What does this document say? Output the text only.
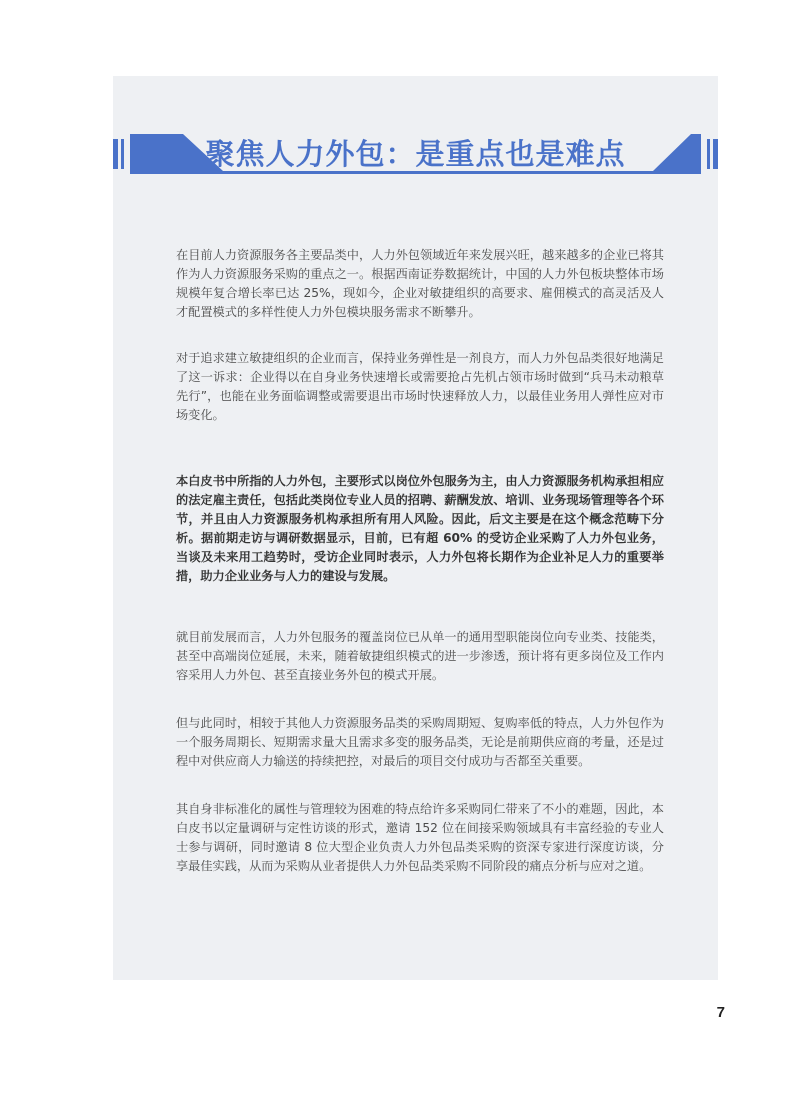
聚焦人力外包：是重点也是难点

在目前人力资源服务各主要品类中，人力外包领域近年来发展兴旺，越来越多的企业已将其作为人力资源服务采购的重点之一。根据西南证券数据统计，中国的人力外包板块整体市场规模年复合增长率已达 25%，现如今，企业对敏捷组织的高要求、雇佣模式的高灵活及人才配置模式的多样性使人力外包模块服务需求不断攀升。

对于追求建立敏捷组织的企业而言，保持业务弹性是一剂良方，而人力外包品类很好地满足了这一诉求：企业得以在自身业务快速增长或需要抢占先机占领市场时做到“兵马未动粮草先行”，也能在业务面临调整或需要退出市场时快速释放人力，以最佳业务用人弹性应对市场变化。

本白皮书中所指的人力外包，主要形式以岗位外包服务为主，由人力资源服务机构承担相应的法定雇主责任，包括此类岗位专业人员的招聘、薪酬发放、培训、业务现场管理等各个环节，并且由人力资源服务机构承担所有用人风险。因此，后文主要是在这个概念范畴下分析。据前期走访与调研数据显示，目前，已有超 60% 的受访企业采购了人力外包业务，当谈及未来用工趋势时，受访企业同时表示，人力外包将长期作为企业补足人力的重要举措，助力企业业务与人力的建设与发展。

就目前发展而言，人力外包服务的覆盖岗位已从单一的通用型职能岗位向专业类、技能类，甚至中高端岗位延展，未来，随着敏捷组织模式的进一步渗透，预计将有更多岗位及工作内容采用人力外包、甚至直接业务外包的模式开展。

但与此同时，相较于其他人力资源服务品类的采购周期短、复购率低的特点，人力外包作为一个服务周期长、短期需求量大且需求多变的服务品类，无论是前期供应商的考量，还是过程中对供应商人力输送的持续把控，对最后的项目交付成功与否都至关重要。

其自身非标准化的属性与管理较为困难的特点给许多采购同仁带来了不小的难题，因此，本白皮书以定量调研与定性访谈的形式，邀请 152 位在间接采购领域具有丰富经验的专业人士参与调研，同时邀请 8 位大型企业负责人力外包品类采购的资深专家进行深度访谈，分享最佳实践，从而为采购从业者提供人力外包品类采购不同阶段的痛点分析与应对之道。

7
